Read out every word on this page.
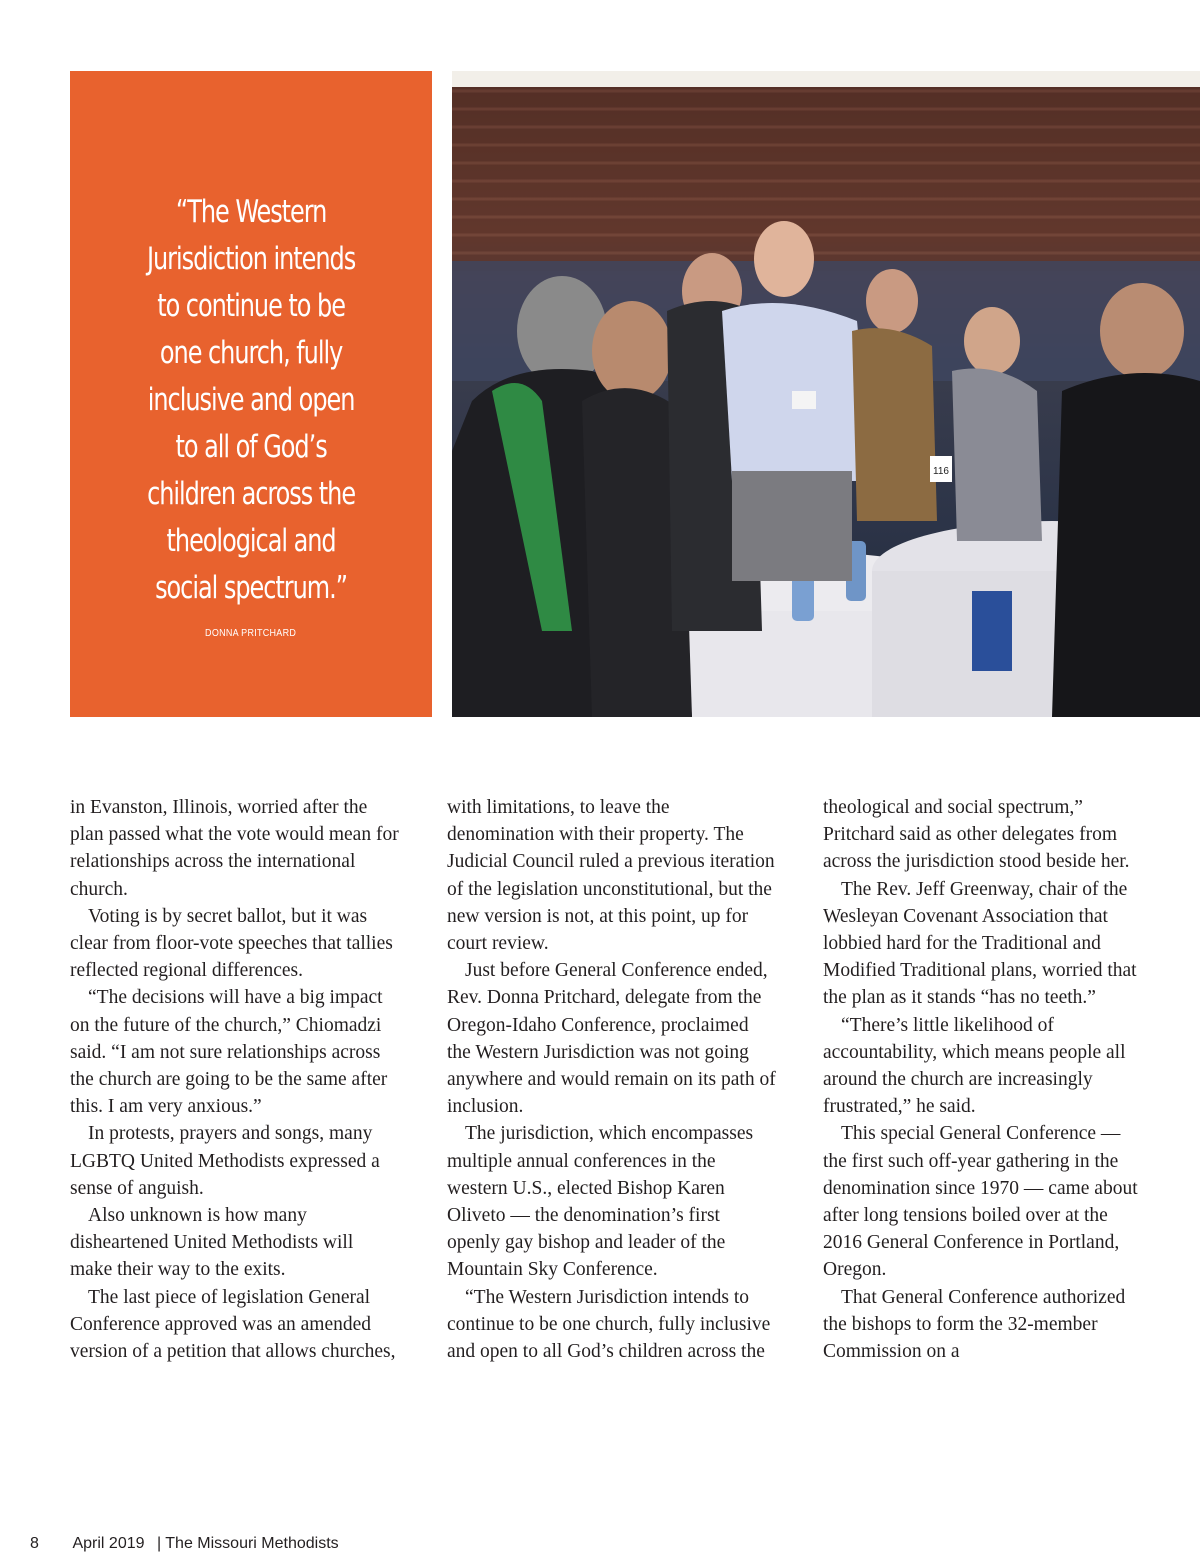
“The Western
Jurisdiction intends
to continue to be
one church, fully
inclusive and open
to all of God’s
children across the
theological and
social spectrum.”
DONNA PRITCHARD
116

in Evanston, Illinois, worried after the plan passed what the vote would mean for relationships across the international church.

Voting is by secret ballot, but it was clear from floor-vote speeches that tallies reflected regional differences.

“The decisions will have a big impact on the future of the church,” Chiomadzi said. “I am not sure relationships across the church are going to be the same after this. I am very anxious.”

In protests, prayers and songs, many LGBTQ United Methodists expressed a sense of anguish.

Also unknown is how many disheartened United Methodists will make their way to the exits.

The last piece of legislation General Conference approved was an amended version of a petition that allows churches,

with limitations, to leave the denomination with their property. The Judicial Council ruled a previous iteration of the legislation unconstitutional, but the new version is not, at this point, up for court review.

Just before General Conference ended, Rev. Donna Pritchard, delegate from the Oregon-Idaho Conference, proclaimed the Western Jurisdiction was not going anywhere and would remain on its path of inclusion.

The jurisdiction, which encompasses multiple annual conferences in the western U.S., elected Bishop Karen Oliveto — the denomination’s first openly gay bishop and leader of the Mountain Sky Conference.

“The Western Jurisdiction intends to continue to be one church, fully inclusive and open to all God’s children across the

theological and social spectrum,” Pritchard said as other delegates from across the jurisdiction stood beside her.

The Rev. Jeff Greenway, chair of the Wesleyan Covenant Association that lobbied hard for the Traditional and Modified Traditional plans, worried that the plan as it stands “has no teeth.”

“There’s little likelihood of accountability, which means people all around the church are increasingly frustrated,” he said.

This special General Conference — the first such off-year gathering in the denomination since 1970 — came about after long tensions boiled over at the 2016 General Conference in Portland, Oregon.

That General Conference authorized the bishops to form the 32-member Commission on a

8 April 2019 | The Missouri Methodists
